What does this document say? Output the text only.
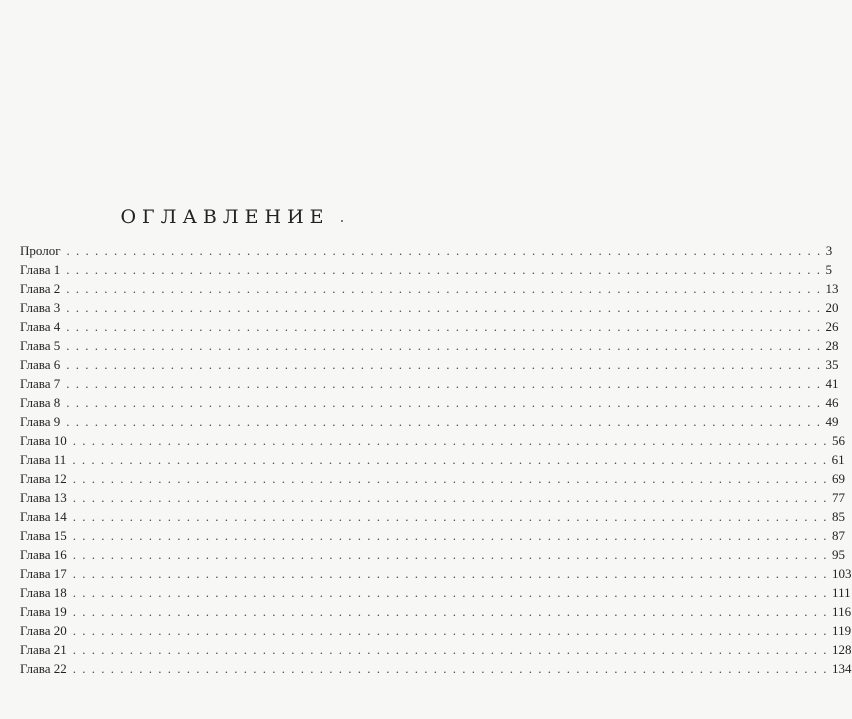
ОГЛАВЛЕНИЕ
Пролог . . . . . . . . . . . . . . . . . . . . . . . . . . . . . . . . . . . . . . . . . . . . . . . . . . . . . . . . . . . . . . . . . . . . . . . . . . . . . . . . 3
Глава 1 . . . . . . . . . . . . . . . . . . . . . . . . . . . . . . . . . . . . . . . . . . . . . . . . . . . . . . . . . . . . . . . . . . . . . . . . . . . . . . . . 5
Глава 2 . . . . . . . . . . . . . . . . . . . . . . . . . . . . . . . . . . . . . . . . . . . . . . . . . . . . . . . . . . . . . . . . . . . . . . . . . . . . . . . . 13
Глава 3 . . . . . . . . . . . . . . . . . . . . . . . . . . . . . . . . . . . . . . . . . . . . . . . . . . . . . . . . . . . . . . . . . . . . . . . . . . . . . . . . 20
Глава 4 . . . . . . . . . . . . . . . . . . . . . . . . . . . . . . . . . . . . . . . . . . . . . . . . . . . . . . . . . . . . . . . . . . . . . . . . . . . . . . . . 26
Глава 5 . . . . . . . . . . . . . . . . . . . . . . . . . . . . . . . . . . . . . . . . . . . . . . . . . . . . . . . . . . . . . . . . . . . . . . . . . . . . . . . . 28
Глава 6 . . . . . . . . . . . . . . . . . . . . . . . . . . . . . . . . . . . . . . . . . . . . . . . . . . . . . . . . . . . . . . . . . . . . . . . . . . . . . . . . 35
Глава 7 . . . . . . . . . . . . . . . . . . . . . . . . . . . . . . . . . . . . . . . . . . . . . . . . . . . . . . . . . . . . . . . . . . . . . . . . . . . . . . . . 41
Глава 8 . . . . . . . . . . . . . . . . . . . . . . . . . . . . . . . . . . . . . . . . . . . . . . . . . . . . . . . . . . . . . . . . . . . . . . . . . . . . . . . . 46
Глава 9 . . . . . . . . . . . . . . . . . . . . . . . . . . . . . . . . . . . . . . . . . . . . . . . . . . . . . . . . . . . . . . . . . . . . . . . . . . . . . . . . 49
Глава 10 . . . . . . . . . . . . . . . . . . . . . . . . . . . . . . . . . . . . . . . . . . . . . . . . . . . . . . . . . . . . . . . . . . . . . . . . . . . . . . . . 56
Глава 11 . . . . . . . . . . . . . . . . . . . . . . . . . . . . . . . . . . . . . . . . . . . . . . . . . . . . . . . . . . . . . . . . . . . . . . . . . . . . . . . . 61
Глава 12 . . . . . . . . . . . . . . . . . . . . . . . . . . . . . . . . . . . . . . . . . . . . . . . . . . . . . . . . . . . . . . . . . . . . . . . . . . . . . . . . 69
Глава 13 . . . . . . . . . . . . . . . . . . . . . . . . . . . . . . . . . . . . . . . . . . . . . . . . . . . . . . . . . . . . . . . . . . . . . . . . . . . . . . . . 77
Глава 14 . . . . . . . . . . . . . . . . . . . . . . . . . . . . . . . . . . . . . . . . . . . . . . . . . . . . . . . . . . . . . . . . . . . . . . . . . . . . . . . . 85
Глава 15 . . . . . . . . . . . . . . . . . . . . . . . . . . . . . . . . . . . . . . . . . . . . . . . . . . . . . . . . . . . . . . . . . . . . . . . . . . . . . . . . 87
Глава 16 . . . . . . . . . . . . . . . . . . . . . . . . . . . . . . . . . . . . . . . . . . . . . . . . . . . . . . . . . . . . . . . . . . . . . . . . . . . . . . . . 95
Глава 17 . . . . . . . . . . . . . . . . . . . . . . . . . . . . . . . . . . . . . . . . . . . . . . . . . . . . . . . . . . . . . . . . . . . . . . . . . . . . . . . . 103
Глава 18 . . . . . . . . . . . . . . . . . . . . . . . . . . . . . . . . . . . . . . . . . . . . . . . . . . . . . . . . . . . . . . . . . . . . . . . . . . . . . . . . 111
Глава 19 . . . . . . . . . . . . . . . . . . . . . . . . . . . . . . . . . . . . . . . . . . . . . . . . . . . . . . . . . . . . . . . . . . . . . . . . . . . . . . . . 116
Глава 20 . . . . . . . . . . . . . . . . . . . . . . . . . . . . . . . . . . . . . . . . . . . . . . . . . . . . . . . . . . . . . . . . . . . . . . . . . . . . . . . . 119
Глава 21 . . . . . . . . . . . . . . . . . . . . . . . . . . . . . . . . . . . . . . . . . . . . . . . . . . . . . . . . . . . . . . . . . . . . . . . . . . . . . . . . 128
Глава 22 . . . . . . . . . . . . . . . . . . . . . . . . . . . . . . . . . . . . . . . . . . . . . . . . . . . . . . . . . . . . . . . . . . . . . . . . . . . . . . . . 134
